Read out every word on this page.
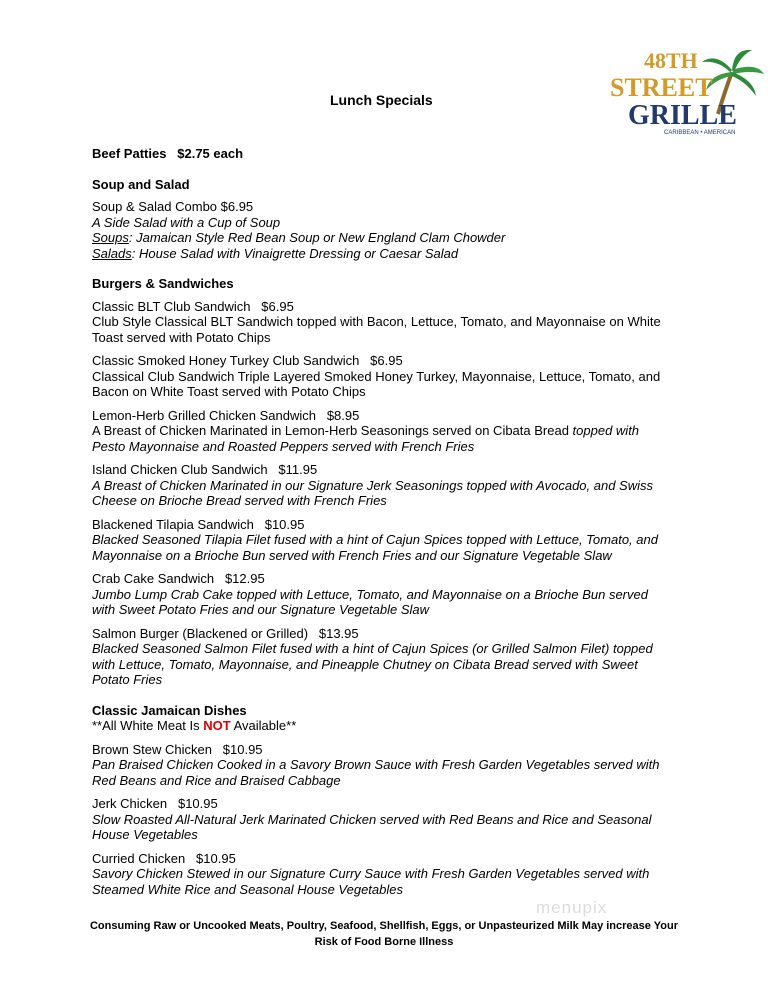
Lunch Specials
48TH
STREET
GRILLE
CARIBBEAN • AMERICAN
Beef Patties   $2.75 each
Soup and Salad
Soup & Salad Combo $6.95
A Side Salad with a Cup of Soup
Soups: Jamaican Style Red Bean Soup or New England Clam Chowder
Salads: House Salad with Vinaigrette Dressing or Caesar Salad
Burgers & Sandwiches
Classic BLT Club Sandwich   $6.95
Club Style Classical BLT Sandwich topped with Bacon, Lettuce, Tomato, and Mayonnaise on White
Toast served with Potato Chips
Classic Smoked Honey Turkey Club Sandwich   $6.95
Classical Club Sandwich Triple Layered Smoked Honey Turkey, Mayonnaise, Lettuce, Tomato, and
Bacon on White Toast served with Potato Chips
Lemon-Herb Grilled Chicken Sandwich   $8.95
A Breast of Chicken Marinated in Lemon-Herb Seasonings served on Cibata Bread topped with
Pesto Mayonnaise and Roasted Peppers served with French Fries
Island Chicken Club Sandwich   $11.95
A Breast of Chicken Marinated in our Signature Jerk Seasonings topped with Avocado, and Swiss
Cheese on Brioche Bread served with French Fries
Blackened Tilapia Sandwich   $10.95
Blacked Seasoned Tilapia Filet fused with a hint of Cajun Spices topped with Lettuce, Tomato, and
Mayonnaise on a Brioche Bun served with French Fries and our Signature Vegetable Slaw
Crab Cake Sandwich   $12.95
Jumbo Lump Crab Cake topped with Lettuce, Tomato, and Mayonnaise on a Brioche Bun served
with Sweet Potato Fries and our Signature Vegetable Slaw
Salmon Burger (Blackened or Grilled)   $13.95
Blacked Seasoned Salmon Filet fused with a hint of Cajun Spices (or Grilled Salmon Filet) topped
with Lettuce, Tomato, Mayonnaise, and Pineapple Chutney on Cibata Bread served with Sweet
Potato Fries
Classic Jamaican Dishes
**All White Meat Is NOT Available**
Brown Stew Chicken   $10.95
Pan Braised Chicken Cooked in a Savory Brown Sauce with Fresh Garden Vegetables served with
Red Beans and Rice and Braised Cabbage
Jerk Chicken   $10.95
Slow Roasted All-Natural Jerk Marinated Chicken served with Red Beans and Rice and Seasonal
House Vegetables
Curried Chicken   $10.95
Savory Chicken Stewed in our Signature Curry Sauce with Fresh Garden Vegetables served with
Steamed White Rice and Seasonal House Vegetables
menupix
Consuming Raw or Uncooked Meats, Poultry, Seafood, Shellfish, Eggs, or Unpasteurized Milk May increase Your
Risk of Food Borne Illness
